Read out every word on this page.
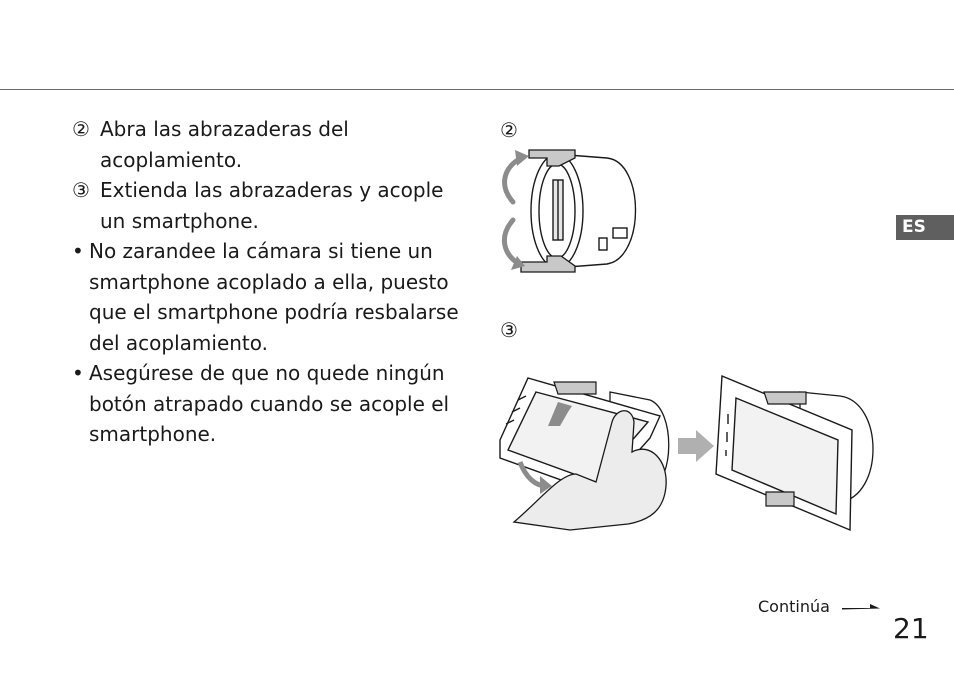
② Abra las abrazaderas del acoplamiento.
③ Extienda las abrazaderas y acople un smartphone.
• No zarandee la cámara si tiene un smartphone acoplado a ella, puesto que el smartphone podría resbalarse del acoplamiento.
• Asegúrese de que no quede ningún botón atrapado cuando se acople el smartphone.
②
③
ES
Continúa
21
